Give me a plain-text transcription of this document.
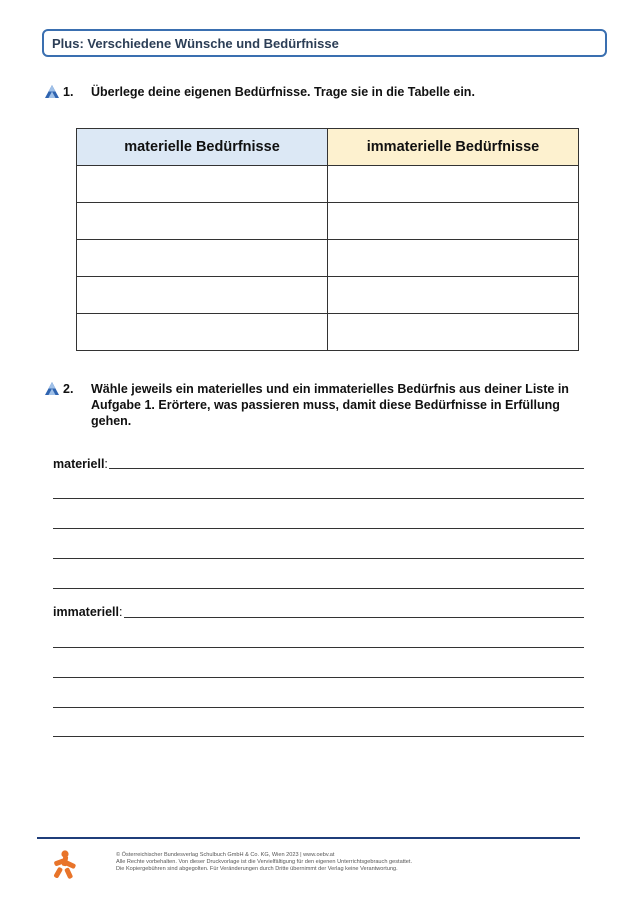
Plus: Verschiedene Wünsche und Bedürfnisse
1. Überlege deine eigenen Bedürfnisse. Trage sie in die Tabelle ein.
materielle Bedürfnisse	immaterielle Bedürfnisse

2. Wähle jeweils ein materielles und ein immaterielles Bedürfnis aus deiner Liste in Aufgabe 1. Erörtere, was passieren muss, damit diese Bedürfnisse in Erfüllung gehen.
materiell:
immateriell:
© Österreichischer Bundesverlag Schulbuch GmbH & Co. KG, Wien 2023 | www.oebv.at
Alle Rechte vorbehalten. Von dieser Druckvorlage ist die Vervielfältigung für den eigenen Unterrichtsgebrauch gestattet.
Die Kopiergebühren sind abgegolten. Für Veränderungen durch Dritte übernimmt der Verlag keine Verantwortung.
